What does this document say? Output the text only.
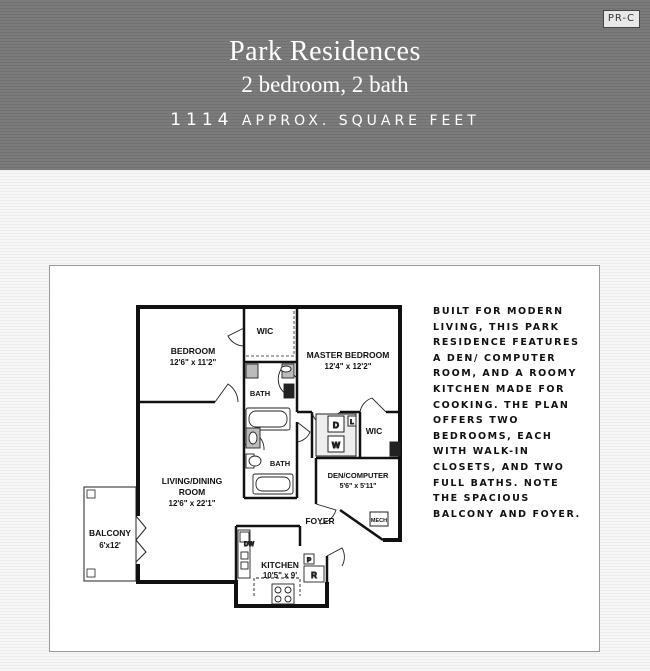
PR-C
Park Residences
2 bedroom, 2 bath
1114 APPROX. SQUARE FEET
D
W
L
MECH
DW
P
R
BEDROOM
12'6" x 11'2"
WIC
MASTER BEDROOM
12'4" x 12'2"
BATH
BATH
WIC
DEN/COMPUTER
5'6" x 5'11"
LIVING/DINING
ROOM
12'6" x 22'1"
BALCONY
6'x12'
FOYER
KITCHEN
10'5" x 9'
BUILT FOR MODERN LIVING, THIS PARK RESIDENCE FEATURES A DEN/ COMPUTER ROOM, AND A ROOMY KITCHEN MADE FOR COOKING. THE PLAN OFFERS TWO BEDROOMS, EACH WITH WALK-IN CLOSETS, AND TWO FULL BATHS. NOTE THE SPACIOUS BALCONY AND FOYER.
